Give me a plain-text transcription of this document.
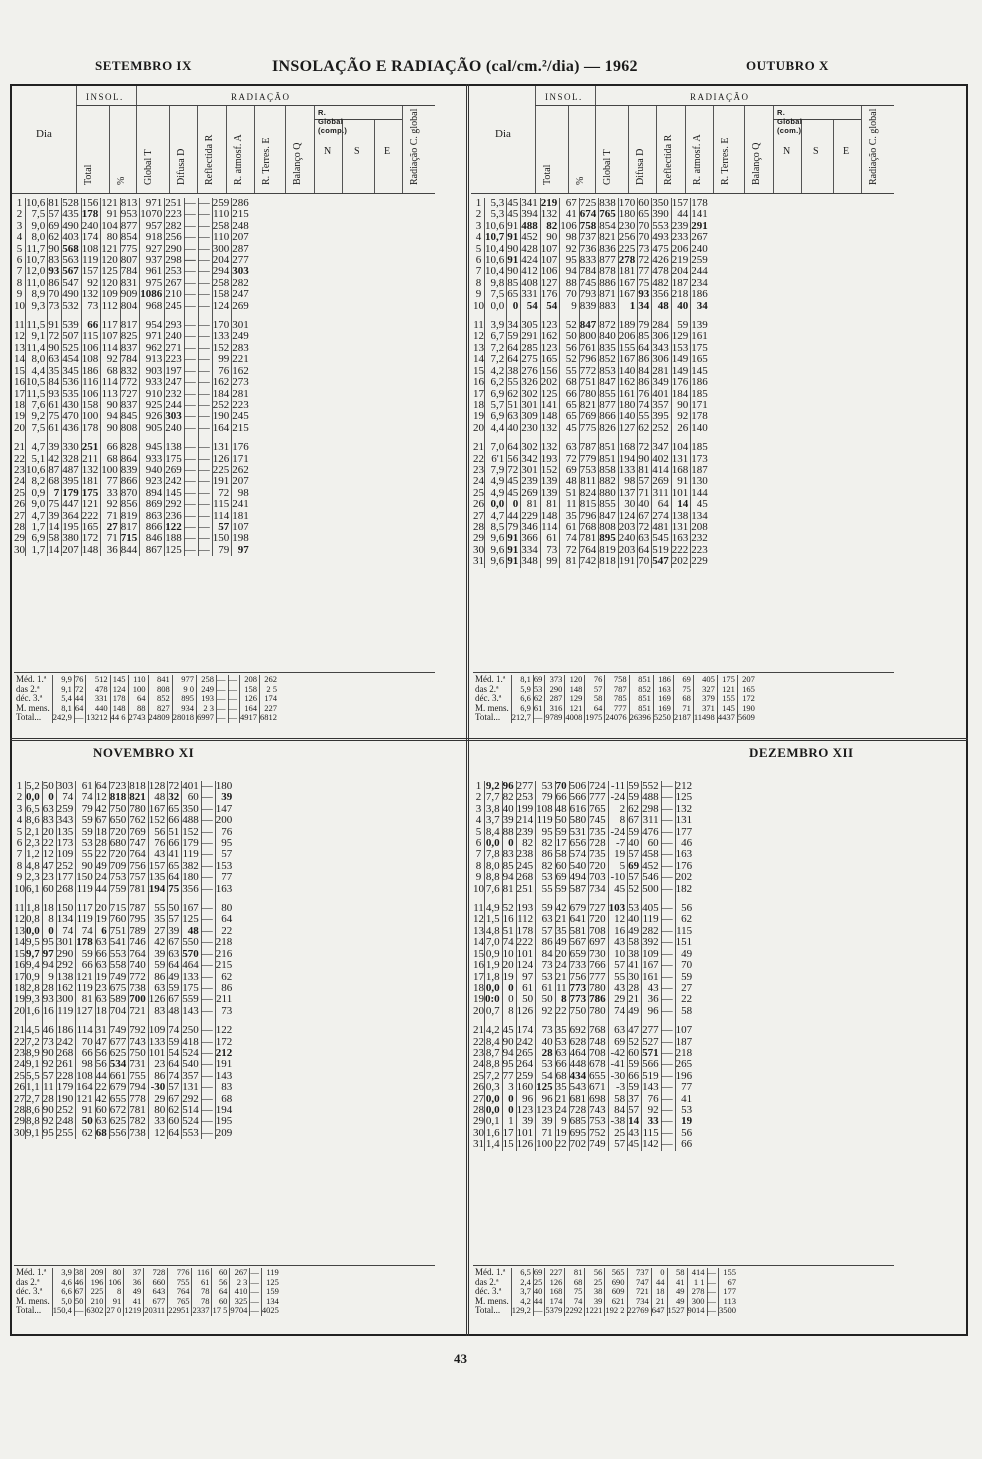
SETEMBRO IX	INSOLAÇÃO E RADIAÇÃO (cal/cm.²/dia) — 1962	OUTUBRO X
INSOL.	RADIAÇÃO
Dia
R. Global (comp.)
Total % Global T Difusa D Reflectida R R. atmosf. A R. Terres. E Balanço Q	Radiação C. global
N S E
INSOL.	RADIAÇÃO
Dia
R. Global (com.)
Total % Global T Difusa D Reflectida R R. atmosf. A R. Terres. E Balanço Q	Radiação C. global
N S E
NOVEMBRO XI	DEZEMBRO XII
1	10,6	81	528	156	121	813	971	251	—	—	259	286
2	7,5	57	435	178	91	953	1070	223	—	—	110	215
3	9,0	69	490	240	104	877	957	282	—	—	258	248
4	8,0	62	403	174	80	854	918	256	—	—	110	207
5	11,7	90	568	108	121	775	927	290	—	—	300	287
6	10,7	83	563	119	120	807	937	298	—	—	204	277
7	12,0	93	567	157	125	784	961	253	—	—	294	303
8	11,0	86	547	92	120	831	975	267	—	—	258	282
9	8,9	70	490	132	109	909	1086	210	—	—	158	247
10	9,3	73	532	73	112	804	968	245	—	—	124	269

11	11,5	91	539	66	117	817	954	293	—	—	170	301
12	9,1	72	507	115	107	825	971	240	—	—	133	249
13	11,4	90	525	106	114	837	962	271	—	—	152	283
14	8,0	63	454	108	92	784	913	223	—	—	99	221
15	4,4	35	345	186	68	832	903	197	—	—	76	162
16	10,5	84	536	116	114	772	933	247	—	—	162	273
17	11,5	93	535	106	113	727	910	232	—	—	184	281
18	7,6	61	430	158	90	837	925	244	—	—	252	223
19	9,2	75	470	100	94	845	926	303	—	—	190	245
20	7,5	61	436	178	90	808	905	240	—	—	164	215

21	4,7	39	330	251	66	828	945	138	—	—	131	176
22	5,1	42	328	211	68	864	933	175	—	—	126	171
23	10,6	87	487	132	100	839	940	269	—	—	225	262
24	8,2	68	395	181	77	866	923	242	—	—	191	207
25	0,9	7	179	175	33	870	894	145	—	—	72	98
26	9,0	75	447	121	92	856	869	292	—	—	115	241
27	4,7	39	364	222	71	819	863	236	—	—	114	181
28	1,7	14	195	165	27	817	866	122	—	—	57	107
29	6,9	58	380	172	71	715	846	188	—	—	150	198
30	1,7	14	207	148	36	844	867	125	—	—	79	97
Méd. 1.ª	9,9	76	512	145	110	841	977	258	—	—	208	262
das 2.ª	9,1	72	478	124	100	808	9 0	249	—	—	158	2 5
déc. 3.ª	5,4	44	331	178	64	852	895	193	—	—	126	174
M. mens.	8,1	64	440	148	88	827	934	2 3	—	—	164	227
Total...	242,9	—	13212	44 6	2743	24809	28018	6997	—	—	4917	6812
1	5,3	45	341	219	67	725	838	170	60	350	157	178
2	5,3	45	394	132	41	674	765	180	65	390	44	141
3	10,6	91	488	82	106	758	854	230	70	553	239	291
4	10,7	91	452	90	98	737	821	256	70	493	233	267
5	10,4	90	428	107	92	736	836	225	73	475	206	240
6	10,6	91	424	107	95	833	877	278	72	426	219	259
7	10,4	90	412	106	94	784	878	181	77	478	204	244
8	9,8	85	408	127	88	745	886	167	75	482	187	234
9	7,5	65	331	176	70	793	871	167	93	356	218	186
10	0,0	0	54	54	9	839	883	1	34	48	40	34

11	3,9	34	305	123	52	847	872	189	79	284	59	139
12	6,7	59	291	162	50	800	840	206	85	306	129	161
13	7,2	64	285	123	56	761	835	155	64	343	153	175
14	7,2	64	275	165	52	796	852	167	86	306	149	165
15	4,2	38	276	156	55	772	853	140	84	281	149	145
16	6,2	55	326	202	68	751	847	162	86	349	176	186
17	6,9	62	302	125	66	780	855	161	76	401	184	185
18	5,7	51	301	141	65	821	877	180	74	357	90	171
19	6,9	63	309	148	65	769	866	140	55	395	92	178
20	4,4	40	230	132	45	775	826	127	62	252	26	140

21	7,0	64	302	132	63	787	851	168	72	347	104	185
22	6'1	56	342	193	72	779	851	194	90	402	131	173
23	7,9	72	301	152	69	753	858	133	81	414	168	187
24	4,9	45	239	139	48	811	882	98	57	269	91	130
25	4,9	45	269	139	51	824	880	137	71	311	101	144
26	0,0	0	81	81	11	815	855	30	40	64	14	45
27	4,7	44	229	148	35	796	847	124	67	274	138	134
28	8,5	79	346	114	61	768	808	203	72	481	131	208
29	9,6	91	366	61	74	781	895	240	63	545	163	232
30	9,6	91	334	73	72	764	819	203	64	519	222	223
31	9,6	91	348	99	81	742	818	191	70	547	202	229
Méd. 1.ª	8,1	69	373	120	76	758	851	186	69	405	175	207
das 2.ª	5,9	53	290	148	57	787	852	163	75	327	121	165
déc. 3.ª	6,6	62	287	129	58	785	851	169	68	379	155	172
M. mens.	6,9	61	316	121	64	777	851	169	71	371	145	190
Total...	212,7	—	9789	4008	1975	24076	26396	5250	2187	11498	4437	5609
1	5,2	50	303	61	64	723	818	128	72	401	—	180
2	0,0	0	74	74	12	818	821	48	32	60	—	39
3	6,5	63	259	79	42	750	780	167	65	350	—	147
4	8,6	83	343	59	67	650	762	152	66	488	—	200
5	2,1	20	135	59	18	720	769	56	51	152	—	76
6	2,3	22	173	53	28	680	747	76	66	179	—	95
7	1,2	12	109	55	22	720	764	43	41	119	—	57
8	4,8	47	252	90	49	709	756	157	65	382	—	153
9	2,3	23	177	150	24	753	757	135	64	180	—	77
10	6,1	60	268	119	44	759	781	194	75	356	—	163

11	1,8	18	150	117	20	715	787	55	50	167	—	80
12	0,8	8	134	119	19	760	795	35	57	125	—	64
13	0,0	0	74	74	6	751	789	27	39	48	—	22
14	9,5	95	301	178	63	541	746	42	67	550	—	218
15	9,7	97	290	59	66	553	764	39	63	570	—	216
16	9,4	94	292	66	63	558	740	59	64	464	—	215
17	0,9	9	138	121	19	749	772	86	49	133	—	62
18	2,8	28	162	119	23	675	738	63	59	175	—	86
19	9,3	93	300	81	63	589	700	126	67	559	—	211
20	1,6	16	119	127	18	704	721	83	48	143	—	73

21	4,5	46	186	114	31	749	792	109	74	250	—	122
22	7,2	73	242	70	47	677	743	133	59	418	—	172
23	8,9	90	268	66	56	625	750	101	54	524	—	212
24	9,1	92	261	98	56	534	731	23	64	540	—	191
25	5,5	57	228	108	44	661	755	86	74	357	—	143
26	1,1	11	179	164	22	679	794	-30	57	131	—	83
27	2,7	28	190	121	42	655	778	29	67	292	—	68
28	8,6	90	252	91	60	672	781	80	62	514	—	194
29	8,8	92	248	50	63	625	782	33	60	524	—	195
30	9,1	95	255	62	68	556	738	12	64	553	—	209
Méd. 1.ª	3,9	38	209	80	37	728	776	116	60	267	—	119
das 2.ª	4,6	46	196	106	36	660	755	61	56	2 3	—	125
déc. 3.ª	6,6	67	225	8	49	643	764	78	64	410	—	159
M. mens.	5,0	50	210	91	41	677	765	78	60	325	—	134
Total...	150,4	—	6302	27 0	1219	20311	22951	2337	17 5	9704	—	4025
1	9,2	96	277	53	70	506	724	-11	59	552	—	212
2	7,7	82	253	79	66	566	777	-24	59	488	—	125
3	3,8	40	199	108	48	616	765	2	62	298	—	132
4	3,7	39	214	119	50	580	745	8	67	311	—	131
5	8,4	88	239	95	59	531	735	-24	59	476	—	177
6	0,0	0	82	82	17	656	728	-7	40	60	—	46
7	7,8	83	238	86	58	574	735	19	57	458	—	163
8	8,0	85	245	82	60	540	720	5	69	452	—	176
9	8,8	94	268	53	69	494	703	-10	57	546	—	202
10	7,6	81	251	55	59	587	734	45	52	500	—	182

11	4,9	52	193	59	42	679	727	103	53	405	—	56
12	1,5	16	112	63	21	641	720	12	40	119	—	62
13	4,8	51	178	57	35	581	708	16	49	282	—	115
14	7,0	74	222	86	49	567	697	43	58	392	—	151
15	0,9	10	101	84	20	659	730	10	38	109	—	49
16	1,9	20	124	73	24	733	766	57	41	167	—	70
17	1,8	19	97	53	21	756	777	55	30	161	—	59
18	0,0	0	61	61	11	773	780	43	28	43	—	27
19	0:0	0	50	50	8	773	786	29	21	36	—	22
20	0,7	8	126	92	22	750	780	74	49	96	—	58

21	4,2	45	174	73	35	692	768	63	47	277	—	107
22	8,4	90	242	40	53	628	748	69	52	527	—	187
23	8,7	94	265	28	63	464	708	-42	60	571	—	218
24	8,8	95	264	53	66	448	678	-41	59	566	—	265
25	7,2	77	259	54	68	434	655	-30	66	519	—	196
26	0,3	3	160	125	35	543	671	-3	59	143	—	77
27	0,0	0	96	96	21	681	698	58	37	76	—	41
28	0,0	0	123	123	24	728	743	84	57	92	—	53
29	0,1	1	39	39	9	685	753	-38	14	33	—	19
30	1,6	17	101	71	19	695	752	25	43	115	—	56
31	1,4	15	126	100	22	702	749	57	45	142	—	66
Méd. 1.ª	6,5	69	227	81	56	565	737	0	58	414	—	155
das 2.ª	2,4	25	126	68	25	690	747	44	41	1 1	—	67
déc. 3.ª	3,7	40	168	75	38	609	721	18	49	278	—	177
M. mens.	4,2	44	174	74	39	621	734	21	49	300	—	113
Total...	129,2	—	5379	2292	1221	192 2	22769	647	1527	9014	—	3500
43
